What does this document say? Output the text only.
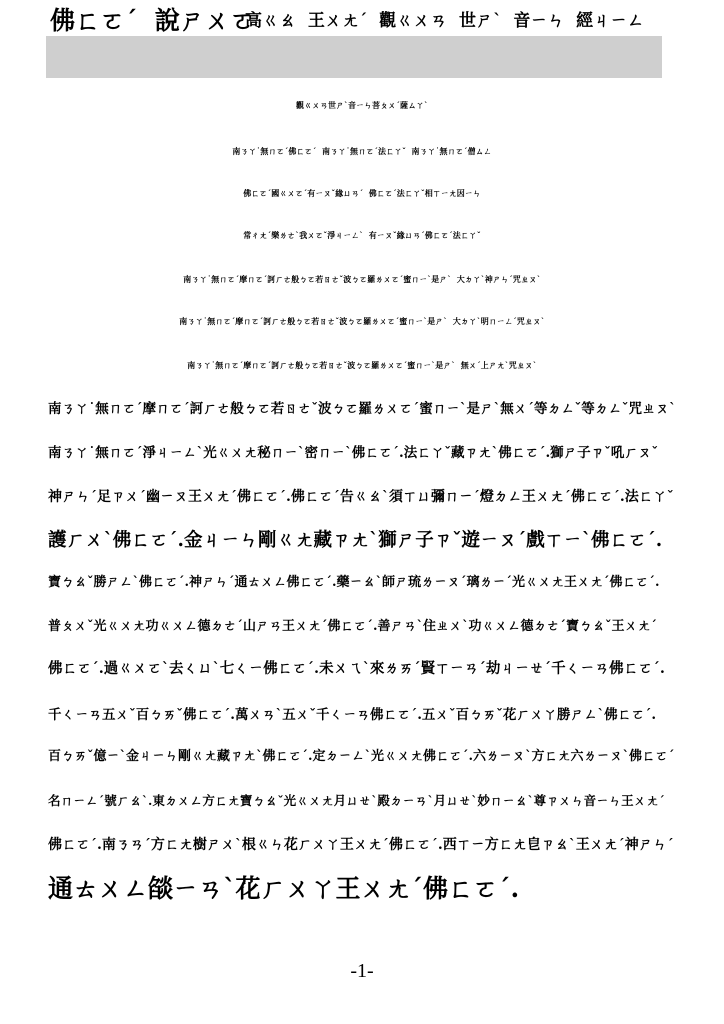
佛ㄈㄛˊ  說ㄕㄨㄛ
高ㄍㄠ  王ㄨㄤˊ  觀ㄍㄨㄢ  世ㄕˋ  音ㄧㄣ  經ㄐㄧㄥ
觀ㄍㄨㄢ世ㄕˋ音ㄧㄣ菩ㄆㄨˊ薩ㄙㄚˋ
南ㄋㄚ˙無ㄇㄛˊ佛ㄈㄛˊ  南ㄋㄚ˙無ㄇㄛˊ法ㄈㄚˇ  南ㄋㄚ˙無ㄇㄛˊ僧ㄙㄥ
佛ㄈㄛˊ國ㄍㄨㄛˊ有ㄧㄡˇ緣ㄩㄢˊ  佛ㄈㄛˊ法ㄈㄚˇ相ㄒㄧㄤ因ㄧㄣ
常ㄔㄤˊ樂ㄌㄜˋ我ㄨㄛˇ淨ㄐㄧㄥˋ  有ㄧㄡˇ緣ㄩㄢˊ佛ㄈㄛˊ法ㄈㄚˇ
南ㄋㄚ˙無ㄇㄛˊ摩ㄇㄛˊ訶ㄏㄜ般ㄅㄛ若ㄖㄜˇ波ㄅㄛ羅ㄌㄨㄛˊ蜜ㄇㄧˋ是ㄕˋ  大ㄉㄚˋ神ㄕㄣˊ咒ㄓㄡˋ
南ㄋㄚ˙無ㄇㄛˊ摩ㄇㄛˊ訶ㄏㄜ般ㄅㄛ若ㄖㄜˇ波ㄅㄛ羅ㄌㄨㄛˊ蜜ㄇㄧˋ是ㄕˋ  大ㄉㄚˋ明ㄇㄧㄥˊ咒ㄓㄡˋ
南ㄋㄚ˙無ㄇㄛˊ摩ㄇㄛˊ訶ㄏㄜ般ㄅㄛ若ㄖㄜˇ波ㄅㄛ羅ㄌㄨㄛˊ蜜ㄇㄧˋ是ㄕˋ  無ㄨˊ上ㄕㄤˋ咒ㄓㄡˋ
南ㄋㄚ˙無ㄇㄛˊ摩ㄇㄛˊ訶ㄏㄜ般ㄅㄛ若ㄖㄜˇ波ㄅㄛ羅ㄌㄨㄛˊ蜜ㄇㄧˋ是ㄕˋ無ㄨˊ等ㄉㄥˇ等ㄉㄥˇ咒ㄓㄡˋ
南ㄋㄚ˙無ㄇㄛˊ淨ㄐㄧㄥˋ光ㄍㄨㄤ秘ㄇㄧˋ密ㄇㄧˋ佛ㄈㄛˊ.法ㄈㄚˇ藏ㄗㄤˋ佛ㄈㄛˊ.獅ㄕ子ㄗˇ吼ㄏㄡˇ
神ㄕㄣˊ足ㄗㄨˊ幽ㄧㄡ王ㄨㄤˊ佛ㄈㄛˊ.佛ㄈㄛˊ告ㄍㄠˋ須ㄒㄩ彌ㄇㄧˊ燈ㄉㄥ王ㄨㄤˊ佛ㄈㄛˊ.法ㄈㄚˇ
護ㄏㄨˋ佛ㄈㄛˊ.金ㄐㄧㄣ剛ㄍㄤ藏ㄗㄤˋ獅ㄕ子ㄗˇ遊ㄧㄡˊ戲ㄒㄧˋ佛ㄈㄛˊ.
寶ㄅㄠˇ勝ㄕㄥˋ佛ㄈㄛˊ.神ㄕㄣˊ通ㄊㄨㄥ佛ㄈㄛˊ.藥ㄧㄠˋ師ㄕ琉ㄌㄧㄡˊ璃ㄌㄧˊ光ㄍㄨㄤ王ㄨㄤˊ佛ㄈㄛˊ.
普ㄆㄨˇ光ㄍㄨㄤ功ㄍㄨㄥ德ㄉㄜˊ山ㄕㄢ王ㄨㄤˊ佛ㄈㄛˊ.善ㄕㄢˋ住ㄓㄨˋ功ㄍㄨㄥ德ㄉㄜˊ寶ㄅㄠˇ王ㄨㄤˊ
佛ㄈㄛˊ.過ㄍㄨㄛˋ去ㄑㄩˋ七ㄑㄧ佛ㄈㄛˊ.未ㄨㄟˋ來ㄌㄞˊ賢ㄒㄧㄢˊ劫ㄐㄧㄝˊ千ㄑㄧㄢ佛ㄈㄛˊ.
千ㄑㄧㄢ五ㄨˇ百ㄅㄞˇ佛ㄈㄛˊ.萬ㄨㄢˋ五ㄨˇ千ㄑㄧㄢ佛ㄈㄛˊ.五ㄨˇ百ㄅㄞˇ花ㄏㄨㄚ勝ㄕㄥˋ佛ㄈㄛˊ.
百ㄅㄞˇ億ㄧˋ金ㄐㄧㄣ剛ㄍㄤ藏ㄗㄤˋ佛ㄈㄛˊ.定ㄉㄧㄥˋ光ㄍㄨㄤ佛ㄈㄛˊ.六ㄌㄧㄡˋ方ㄈㄤ六ㄌㄧㄡˋ佛ㄈㄛˊ
名ㄇㄧㄥˊ號ㄏㄠˋ.東ㄉㄨㄥ方ㄈㄤ寶ㄅㄠˇ光ㄍㄨㄤ月ㄩㄝˋ殿ㄉㄧㄢˋ月ㄩㄝˋ妙ㄇㄧㄠˋ尊ㄗㄨㄣ音ㄧㄣ王ㄨㄤˊ
佛ㄈㄛˊ.南ㄋㄢˊ方ㄈㄤ樹ㄕㄨˋ根ㄍㄣ花ㄏㄨㄚ王ㄨㄤˊ佛ㄈㄛˊ.西ㄒㄧ方ㄈㄤ皀ㄗㄠˋ王ㄨㄤˊ神ㄕㄣˊ
通ㄊㄨㄥ燄ㄧㄢˋ花ㄏㄨㄚ王ㄨㄤˊ佛ㄈㄛˊ.
-1-
